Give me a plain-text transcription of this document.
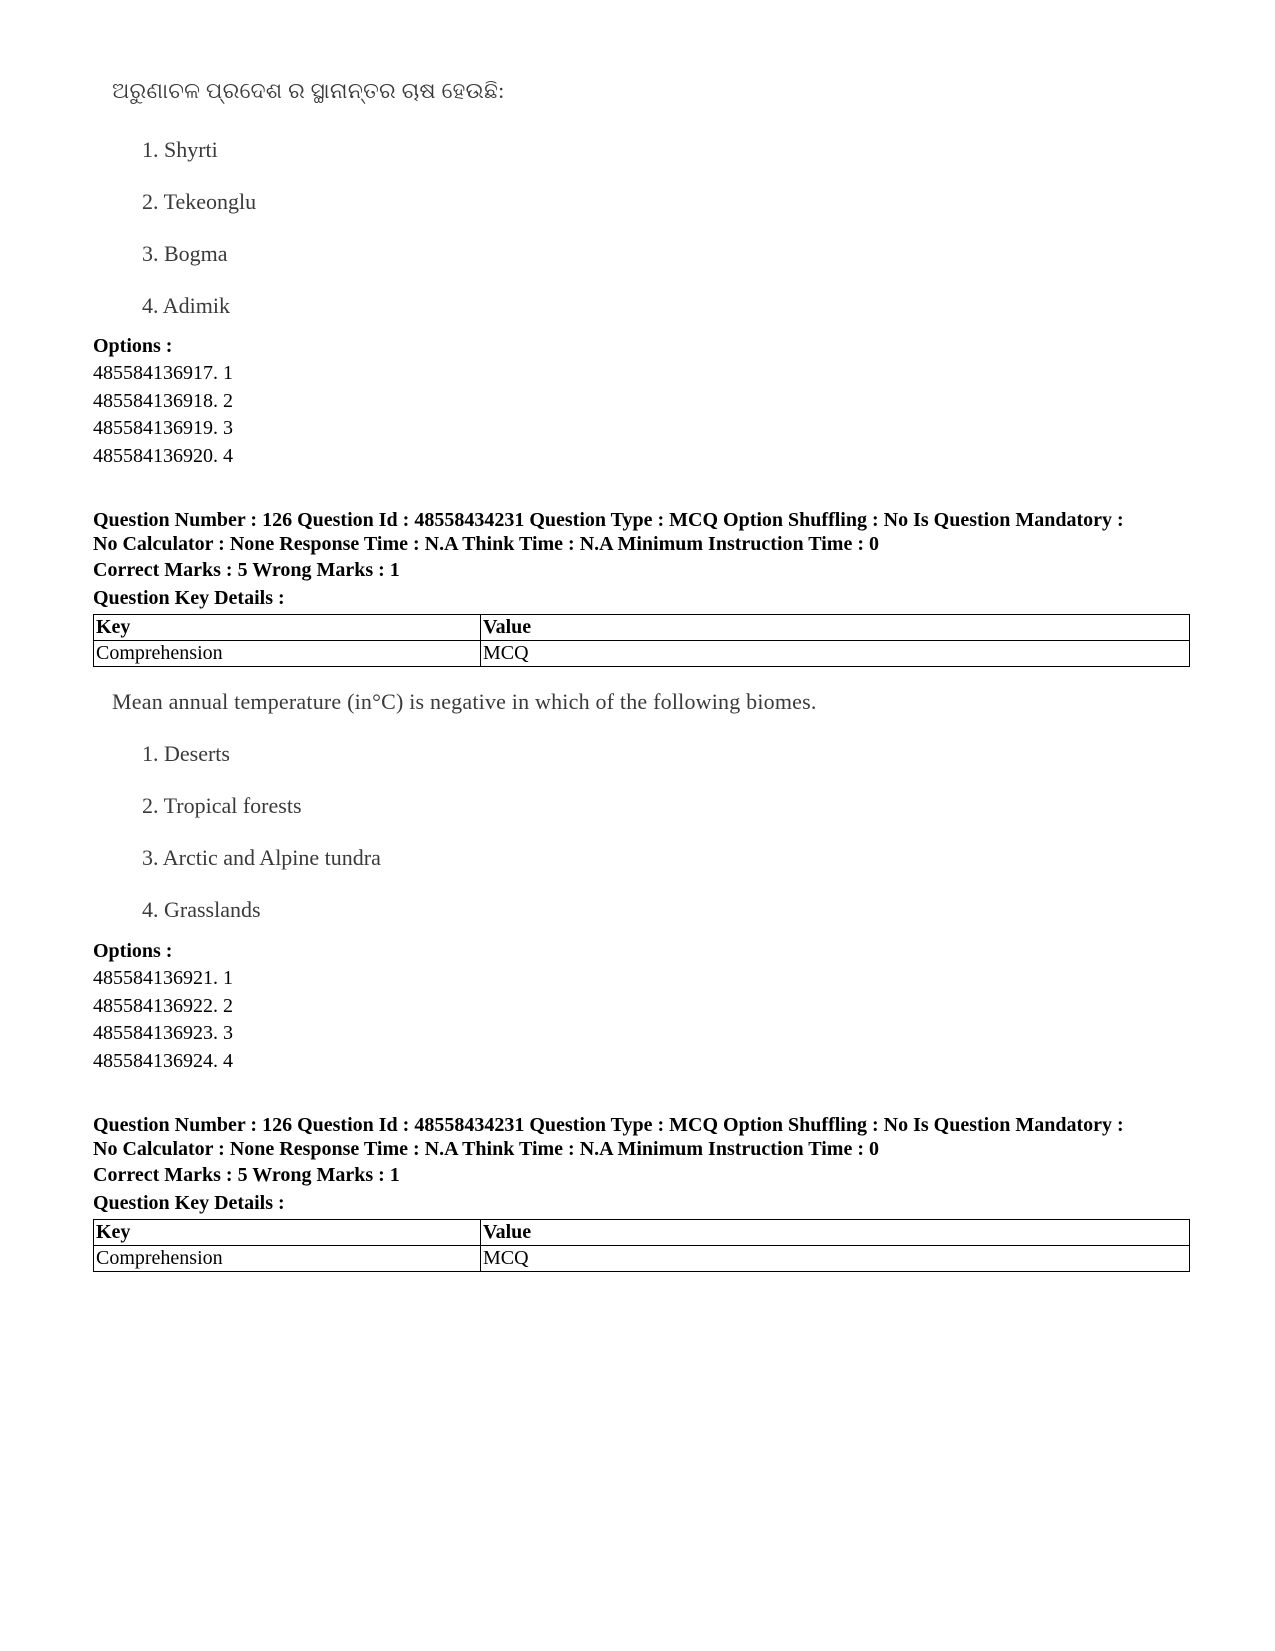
ଅରୁଣାଚଳ ପ୍ରଦେଶ ର ସ୍ଥାନାନ୍ତର ଚାଷ ହେଉଛି:
1. Shyrti
2. Tekeonglu
3. Bogma
4. Adimik
Options :
485584136917. 1
485584136918. 2
485584136919. 3
485584136920. 4
Question Number : 126 Question Id : 48558434231 Question Type : MCQ Option Shuffling : No Is Question Mandatory :
No Calculator : None Response Time : N.A Think Time : N.A Minimum Instruction Time : 0
Correct Marks : 5 Wrong Marks : 1
Question Key Details :
Key	Value
Comprehension	MCQ
Mean annual temperature (in°C) is negative in which of the following biomes.
1. Deserts
2. Tropical forests
3. Arctic and Alpine tundra
4. Grasslands
Options :
485584136921. 1
485584136922. 2
485584136923. 3
485584136924. 4
Question Number : 126 Question Id : 48558434231 Question Type : MCQ Option Shuffling : No Is Question Mandatory :
No Calculator : None Response Time : N.A Think Time : N.A Minimum Instruction Time : 0
Correct Marks : 5 Wrong Marks : 1
Question Key Details :
Key	Value
Comprehension	MCQ
